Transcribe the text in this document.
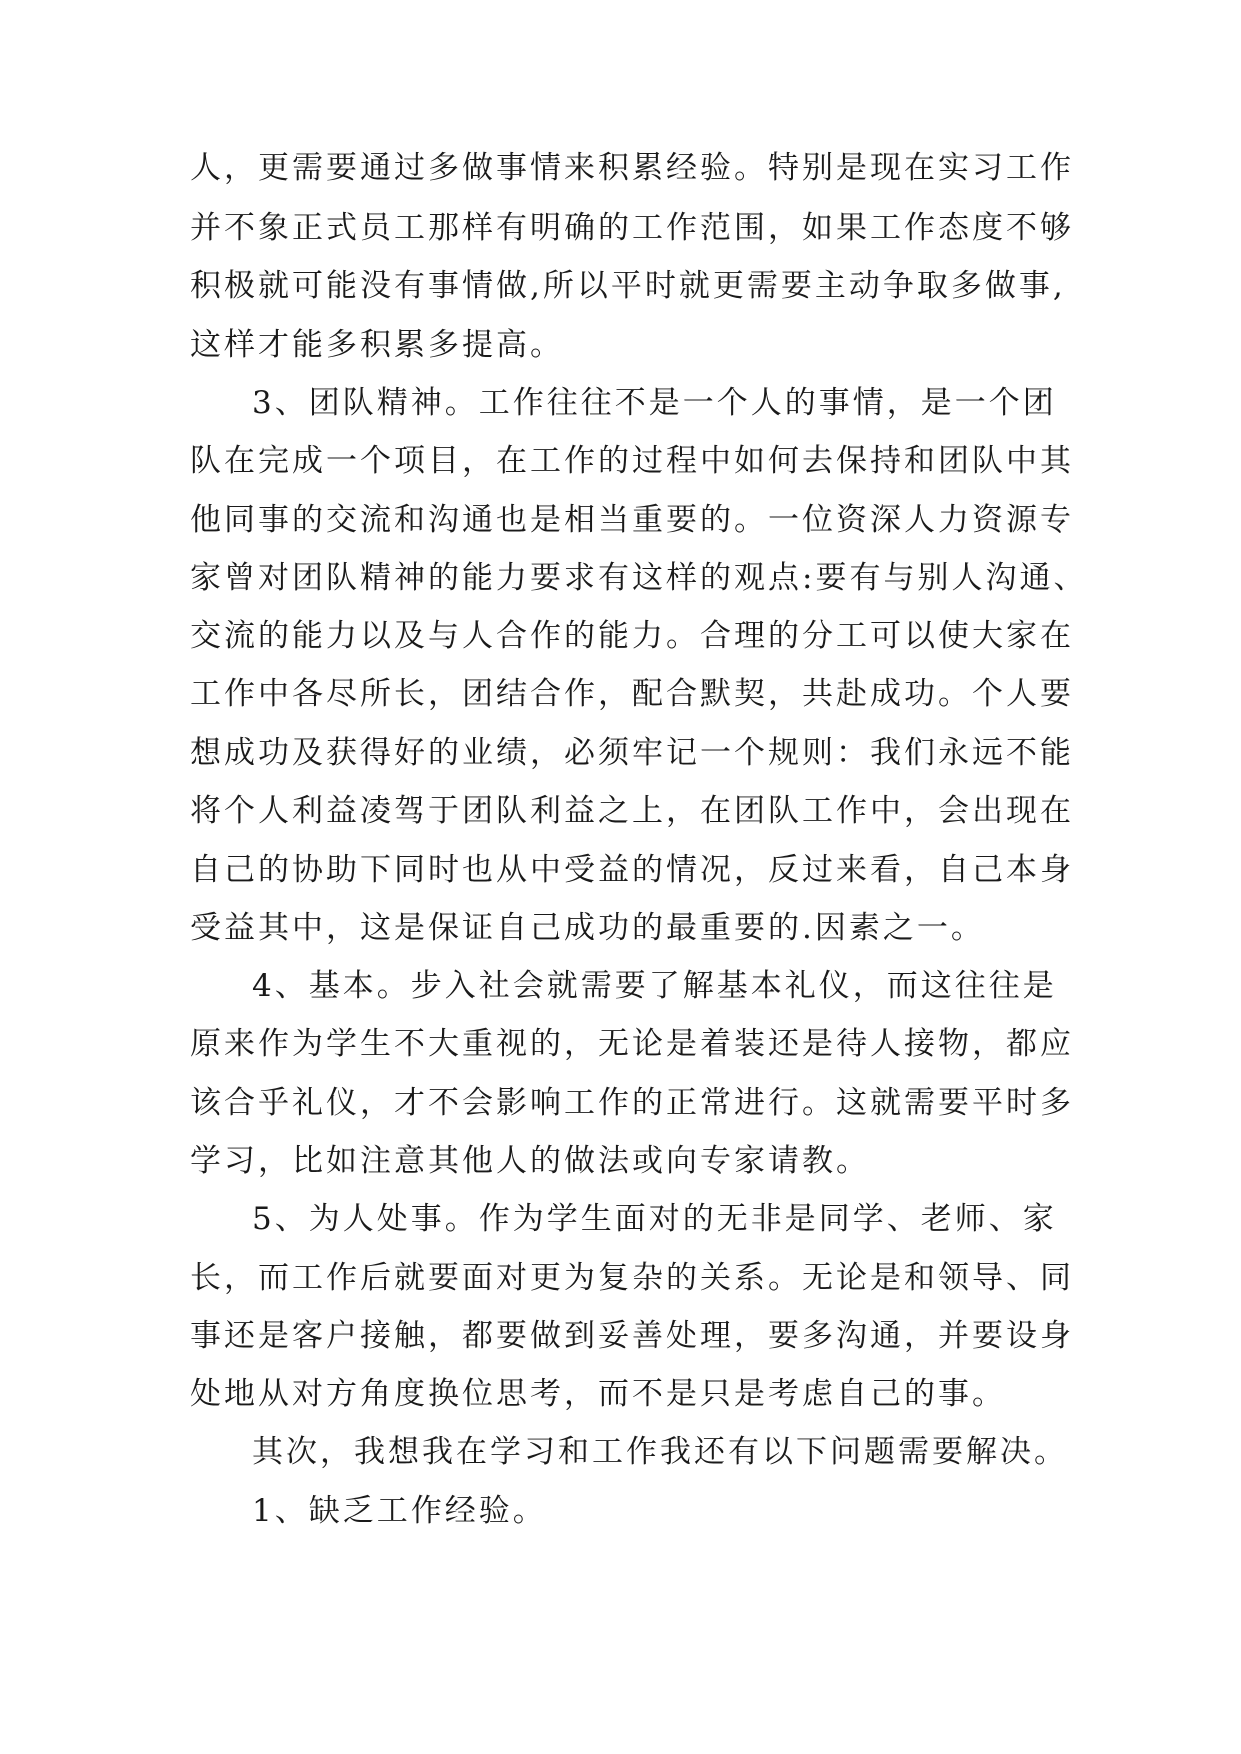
人，更需要通过多做事情来积累经验。特别是现在实习工作
并不象正式员工那样有明确的工作范围，如果工作态度不够
积极就可能没有事情做,所以平时就更需要主动争取多做事,
这样才能多积累多提高。
3、团队精神。工作往往不是一个人的事情，是一个团
队在完成一个项目，在工作的过程中如何去保持和团队中其
他同事的交流和沟通也是相当重要的。一位资深人力资源专
家曾对团队精神的能力要求有这样的观点:要有与别人沟通、
交流的能力以及与人合作的能力。合理的分工可以使大家在
工作中各尽所长，团结合作，配合默契，共赴成功。个人要
想成功及获得好的业绩，必须牢记一个规则：我们永远不能
将个人利益凌驾于团队利益之上，在团队工作中，会出现在
自己的协助下同时也从中受益的情况，反过来看，自己本身
受益其中，这是保证自己成功的最重要的.因素之一。
4、基本。步入社会就需要了解基本礼仪，而这往往是
原来作为学生不大重视的，无论是着装还是待人接物，都应
该合乎礼仪，才不会影响工作的正常进行。这就需要平时多
学习，比如注意其他人的做法或向专家请教。
5、为人处事。作为学生面对的无非是同学、老师、家
长，而工作后就要面对更为复杂的关系。无论是和领导、同
事还是客户接触，都要做到妥善处理，要多沟通，并要设身
处地从对方角度换位思考，而不是只是考虑自己的事。
其次，我想我在学习和工作我还有以下问题需要解决。
1、缺乏工作经验。
